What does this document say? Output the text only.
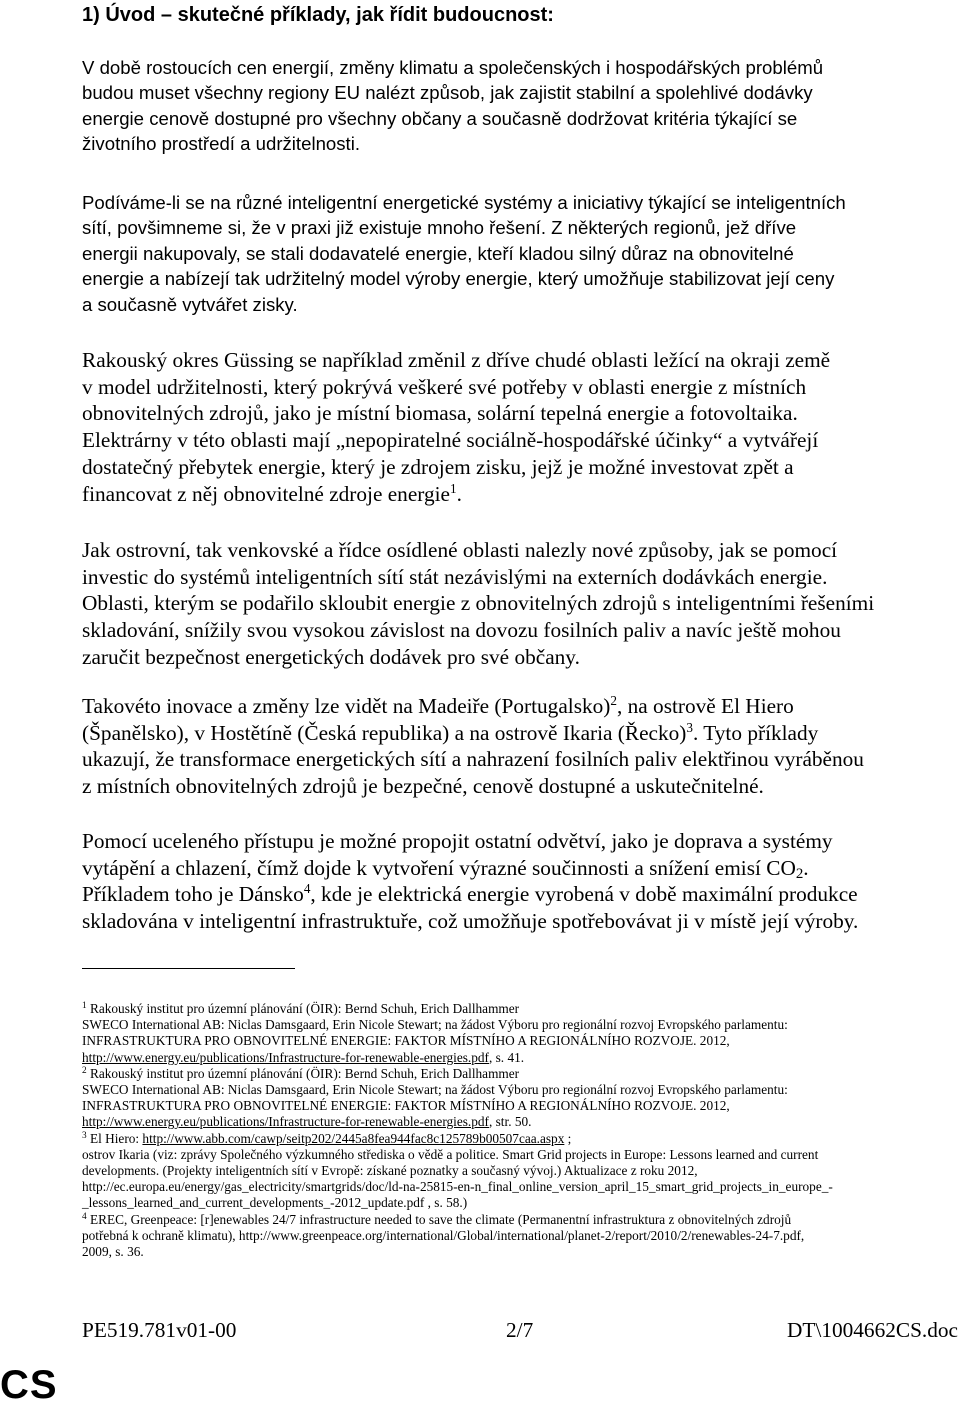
1) Úvod – skutečné příklady, jak řídit budoucnost:
V době rostoucích cen energií, změny klimatu a společenských i hospodářských problémů
budou muset všechny regiony EU nalézt způsob, jak zajistit stabilní a spolehlivé dodávky
energie cenově dostupné pro všechny občany a současně dodržovat kritéria týkající se
životního prostředí a udržitelnosti.
Podíváme-li se na různé inteligentní energetické systémy a iniciativy týkající se inteligentních
sítí, povšimneme si, že v praxi již existuje mnoho řešení. Z některých regionů, jež dříve
energii nakupovaly, se stali dodavatelé energie, kteří kladou silný důraz na obnovitelné
energie a nabízejí tak udržitelný model výroby energie, který umožňuje stabilizovat její ceny
a současně vytvářet zisky.
Rakouský okres Güssing se například změnil z dříve chudé oblasti ležící na okraji země
v model udržitelnosti, který pokrývá veškeré své potřeby v oblasti energie z místních
obnovitelných zdrojů, jako je místní biomasa, solární tepelná energie a fotovoltaika.
Elektrárny v této oblasti mají „nepopiratelné sociálně-hospodářské účinky“ a vytvářejí
dostatečný přebytek energie, který je zdrojem zisku, jejž je možné investovat zpět a
financovat z něj obnovitelné zdroje energie$^1$.
Jak ostrovní, tak venkovské a řídce osídlené oblasti nalezly nové způsoby, jak se pomocí
investic do systémů inteligentních sítí stát nezávislými na externích dodávkách energie.
Oblasti, kterým se podařilo skloubit energie z obnovitelných zdrojů s inteligentními řešeními
skladování, snížily svou vysokou závislost na dovozu fosilních paliv a navíc ještě mohou
zaručit bezpečnost energetických dodávek pro své občany.
Takovéto inovace a změny lze vidět na Madeiře (Portugalsko)$^2$, na ostrově El Hiero
(Španělsko), v Hostětíně (Česká republika) a na ostrově Ikaria (Řecko)$^3$. Tyto příklady
ukazují, že transformace energetických sítí a nahrazení fosilních paliv elektřinou vyráběnou
z místních obnovitelných zdrojů je bezpečné, cenově dostupné a uskutečnitelné.
Pomocí uceleného přístupu je možné propojit ostatní odvětví, jako je doprava a systémy
vytápění a chlazení, čímž dojde k vytvoření výrazné součinnosti a snížení emisí $CO_2$.
Příkladem toho je Dánsko$^4$, kde je elektrická energie vyrobená v době maximální produkce
skladována v inteligentní infrastruktuře, což umožňuje spotřebovávat ji v místě její výroby.
$^1$ Rakouský institut pro územní plánování (ÖIR): Bernd Schuh, Erich Dallhammer
SWECO International AB: Niclas Damsgaard, Erin Nicole Stewart; na žádost Výboru pro regionální rozvoj Evropského parlamentu:
INFRASTRUKTURA PRO OBNOVITELNÉ ENERGIE: FAKTOR MÍSTNÍHO A REGIONÁLNÍHO ROZVOJE. 2012,
http://www.energy.eu/publications/Infrastructure-for-renewable-energies.pdf, s. 41.
$^2$ Rakouský institut pro územní plánování (ÖIR): Bernd Schuh, Erich Dallhammer
SWECO International AB: Niclas Damsgaard, Erin Nicole Stewart; na žádost Výboru pro regionální rozvoj Evropského parlamentu:
INFRASTRUKTURA PRO OBNOVITELNÉ ENERGIE: FAKTOR MÍSTNÍHO A REGIONÁLNÍHO ROZVOJE. 2012,
http://www.energy.eu/publications/Infrastructure-for-renewable-energies.pdf, str. 50.
$^3$ El Hiero: http://www.abb.com/cawp/seitp202/2445a8fea944fac8c125789b00507caa.aspx ;
ostrov Ikaria (viz: zprávy Společného výzkumného střediska o vědě a politice. Smart Grid projects in Europe: Lessons learned and current
developments. (Projekty inteligentních sítí v Evropě: získané poznatky a současný vývoj.) Aktualizace z roku 2012,
http://ec.europa.eu/energy/gas_electricity/smartgrids/doc/ld-na-25815-en-n_final_online_version_april_15_smart_grid_projects_in_europe_-
_lessons_learned_and_current_developments_-2012_update.pdf , s. 58.)
$^4$ EREC, Greenpeace: [r]enewables 24/7 infrastructure needed to save the climate (Permanentní infrastruktura z obnovitelných zdrojů
potřebná k ochraně klimatu), http://www.greenpeace.org/international/Global/international/planet-2/report/2010/2/renewables-24-7.pdf,
2009, s. 36.
PE519.781v01-00	2/7	DT\1004662CS.doc
CS
